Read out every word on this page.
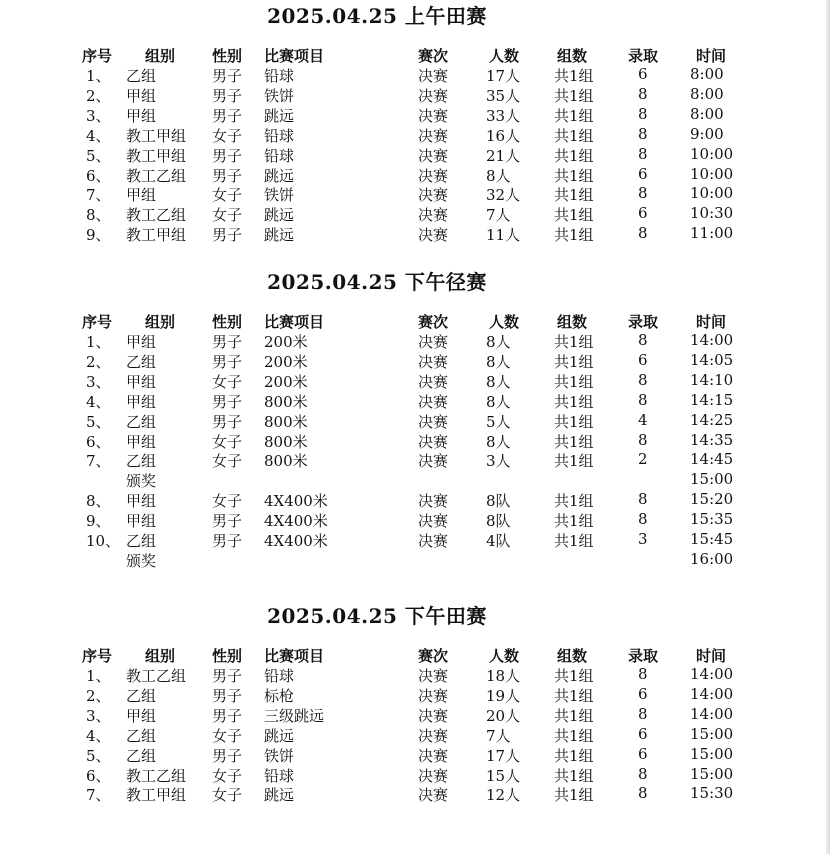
2025.04.25 上午田赛
序号 组别 性别 比赛项目	赛次	人数	组数	录取	时间
1、 乙组	男子 铅球	决赛	17人 共1组	6	8:00
2、 甲组	男子 铁饼	决赛	35人 共1组	8	8:00
3、 甲组	男子 跳远	决赛	33人 共1组	8	8:00
4、 教工甲组 女子 铅球	决赛	16人 共1组	8	9:00
5、 教工甲组 男子 铅球	决赛	21人 共1组	8	10:00
6、 教工乙组 男子 跳远	决赛	8人	共1组	6	10:00
7、 甲组	女子 铁饼	决赛	32人 共1组	8	10:00
8、 教工乙组 女子 跳远	决赛	7人	共1组	6	10:30
9、 教工甲组 男子 跳远	决赛	11人 共1组	8	11:00
2025.04.25 下午径赛
序号 组别 性别 比赛项目	赛次	人数	组数	录取	时间
1、 甲组	男子 200米	决赛	8人	共1组	8	14:00
2、 乙组	男子 200米	决赛	8人	共1组	6	14:05
3、 甲组	女子 200米	决赛	8人	共1组	8	14:10
4、 甲组	男子 800米	决赛	8人	共1组	8	14:15
5、 乙组	男子 800米	决赛	5人	共1组	4	14:25
6、 甲组	女子 800米	决赛	8人	共1组	8	14:35
7、 乙组	女子 800米	决赛	3人	共1组	2	14:45
颁奖	15:00
8、 甲组	女子 4X400米	决赛	8队	共1组	8	15:20
9、 甲组	男子 4X400米	决赛	8队	共1组	8	15:35
10、 乙组	男子 4X400米	决赛	4队	共1组	3	15:45
颁奖	16:00
2025.04.25 下午田赛
序号 组别 性别 比赛项目	赛次	人数	组数	录取	时间
1、 教工乙组 男子 铅球	决赛	18人 共1组	8	14:00
2、 乙组	男子 标枪	决赛	19人 共1组	6	14:00
3、 甲组	男子 三级跳远	决赛	20人 共1组	8	14:00
4、 乙组	女子 跳远	决赛	7人	共1组	6	15:00
5、 乙组	男子 铁饼	决赛	17人 共1组	6	15:00
6、 教工乙组 女子 铅球	决赛	15人 共1组	8	15:00
7、 教工甲组 女子 跳远	决赛	12人 共1组	8	15:30
